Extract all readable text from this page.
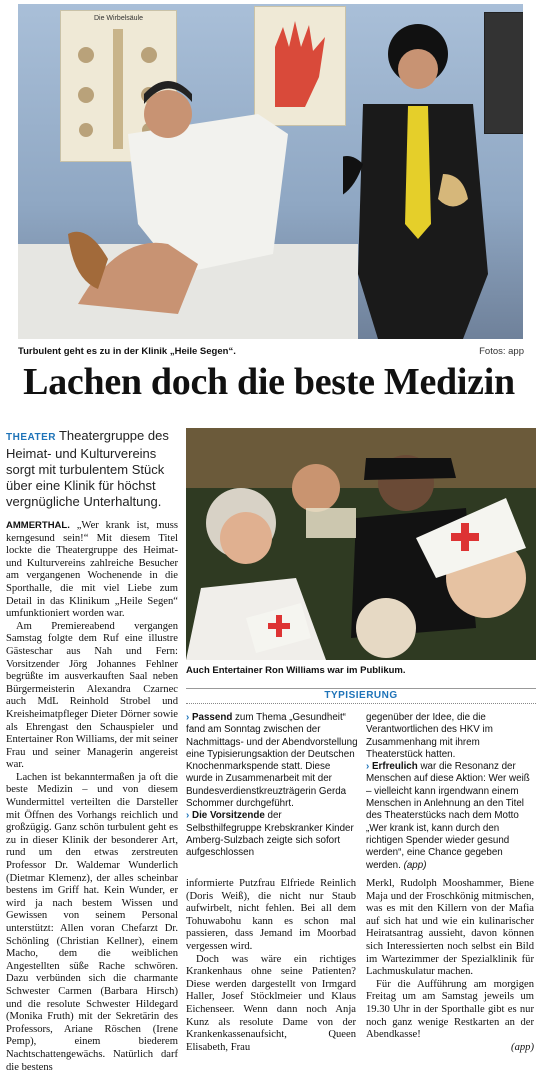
Die Wirbelsäule
Turbulent geht es zu in der Klinik „Heile Segen“.	Fotos: app
Lachen doch die beste Medizin
THEATER Theatergruppe des Heimat- und Kulturvereins sorgt mit turbulentem Stück über eine Klinik für höchst vergnügliche Unterhaltung.

AMMERTHAL. „Wer krank ist, muss kerngesund sein!“ Mit diesem Titel lockte die Theatergruppe des Heimat- und Kulturvereins zahlreiche Besucher am vergangenen Wochenende in die Sporthalle, die mit viel Liebe zum Detail in das Klinikum „Heile Segen“ umfunktioniert worden war.

Am Premiereabend vergangen Samstag folgte dem Ruf eine illustre Gästeschar aus Nah und Fern: Vorsitzender Jörg Johannes Fehlner begrüßte im ausverkauften Saal neben Bürgermeisterin Alexandra Czarnec auch MdL Reinhold Strobel und Kreisheimatpfleger Dieter Dörner sowie als Ehrengast den Schauspieler und Entertainer Ron Williams, der mit seiner Frau und seiner Managerin angereist war.

Lachen ist bekanntermaßen ja oft die beste Medizin – und von diesem Wundermittel verteilten die Darsteller mit Öffnen des Vorhangs reichlich und großzügig. Ganz schön turbulent geht es zu in dieser Klinik der besonderer Art, rund um den etwas zerstreuten Professor Dr. Waldemar Wunderlich (Dietmar Klemenz), der alles scheinbar bestens im Griff hat. Kein Wunder, er wird ja nach bestem Wissen und Gewissen von seinem Personal unterstützt: Allen voran Chefarzt Dr. Schönling (Christian Kellner), einem Macho, dem die weiblichen Angestellten süße Rache schwören. Dazu verbünden sich die charmante Schwester Carmen (Barbara Hirsch) und die resolute Schwester Hildegard (Monika Fruth) mit der Sekretärin des Professors, Ariane Röschen (Irene Pemp), einem biederem Nachtschattengewächs. Natürlich darf die bestens

Auch Entertainer Ron Williams war im Publikum.
TYPISIERUNG

› Passend zum Thema „Gesundheit“ fand am Sonntag zwischen der Nachmittags- und der Abendvorstellung eine Typisierungsaktion der Deutschen Knochenmarkspende statt. Diese wurde in Zusammenarbeit mit der Bundesverdienstkreuzträgerin Gerda Schommer durchgeführt.

› Die Vorsitzende der Selbsthilfegruppe Krebskranker Kinder Amberg-Sulzbach zeigte sich sofort aufgeschlossen

gegenüber der Idee, die die Verantwortlichen des HKV im Zusammenhang mit ihrem Theaterstück hatten.

› Erfreulich war die Resonanz der Menschen auf diese Aktion: Wer weiß – vielleicht kann irgendwann einem Menschen in Anlehnung an den Titel des Theaterstücks nach dem Motto „Wer krank ist, kann durch den richtigen Spender wieder gesund werden“, eine Chance gegeben werden. (app)

informierte Putzfrau Elfriede Reinlich (Doris Weiß), die nicht nur Staub aufwirbelt, nicht fehlen. Bei all dem Tohuwabohu kann es schon mal passieren, dass Jemand im Moorbad vergessen wird.

Doch was wäre ein richtiges Krankenhaus ohne seine Patienten? Diese werden dargestellt von Irmgard Haller, Josef Stöcklmeier und Klaus Eichenseer. Wenn dann noch Anja Kunz als resolute Dame von der Krankenkassenaufsicht, Queen Elisabeth, Frau

Merkl, Rudolph Mooshammer, Biene Maja und der Froschkönig mitmischen, was es mit den Killern von der Mafia auf sich hat und wie ein kulinarischer Heiratsantrag aussieht, davon können sich Interessierten noch selbst ein Bild im Wartezimmer der Spezialklinik für Lachmuskulatur machen.

Für die Aufführung am morgigen Freitag um am Samstag jeweils um 19.30 Uhr in der Sporthalle gibt es nur noch ganz wenige Restkarten an der Abendkasse!

(app)
